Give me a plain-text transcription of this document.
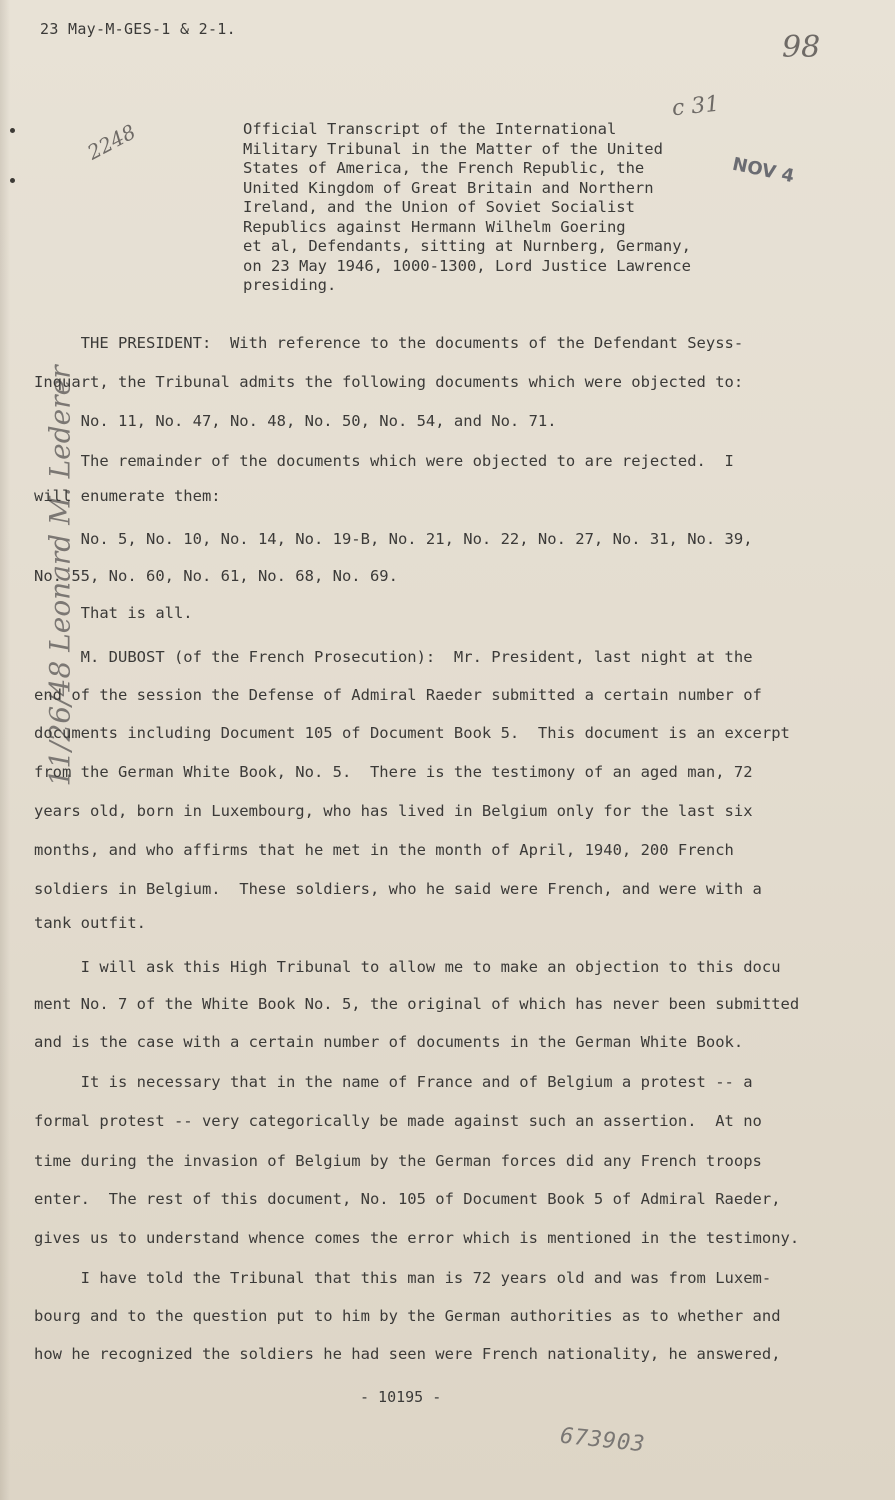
23 May-M-GES-1 & 2-1.
98
2248
c 31
NOV 4
11/26/48 Leonard M. Lederer
Official Transcript of the International
Military Tribunal in the Matter of the United
States of America, the French Republic, the
United Kingdom of Great Britain and Northern
Ireland, and the Union of Soviet Socialist
Republics against Hermann Wilhelm Goering
et al, Defendants, sitting at Nurnberg, Germany,
on 23 May 1946, 1000-1300, Lord Justice Lawrence
presiding.

THE PRESIDENT:  With reference to the documents of the Defendant Seyss-

Inquart, the Tribunal admits the following documents which were objected to:

No. 11, No. 47, No. 48, No. 50, No. 54, and No. 71.

The remainder of the documents which were objected to are rejected.  I

will enumerate them:

No. 5, No. 10, No. 14, No. 19-B, No. 21, No. 22, No. 27, No. 31, No. 39,

No. 55, No. 60, No. 61, No. 68, No. 69.

That is all.

M. DUBOST (of the French Prosecution):  Mr. President, last night at the

end of the session the Defense of Admiral Raeder submitted a certain number of

documents including Document 105 of Document Book 5.  This document is an excerpt

from the German White Book, No. 5.  There is the testimony of an aged man, 72

years old, born in Luxembourg, who has lived in Belgium only for the last six

months, and who affirms that he met in the month of April, 1940, 200 French

soldiers in Belgium.  These soldiers, who he said were French, and were with a

tank outfit.

I will ask this High Tribunal to allow me to make an objection to this docu

ment No. 7 of the White Book No. 5, the original of which has never been submitted

and is the case with a certain number of documents in the German White Book.

It is necessary that in the name of France and of Belgium a protest -- a

formal protest -- very categorically be made against such an assertion.  At no

time during the invasion of Belgium by the German forces did any French troops

enter.  The rest of this document, No. 105 of Document Book 5 of Admiral Raeder,

gives us to understand whence comes the error which is mentioned in the testimony.

I have told the Tribunal that this man is 72 years old and was from Luxem-

bourg and to the question put to him by the German authorities as to whether and

how he recognized the soldiers he had seen were French nationality, he answered,

- 10195 -
673903
